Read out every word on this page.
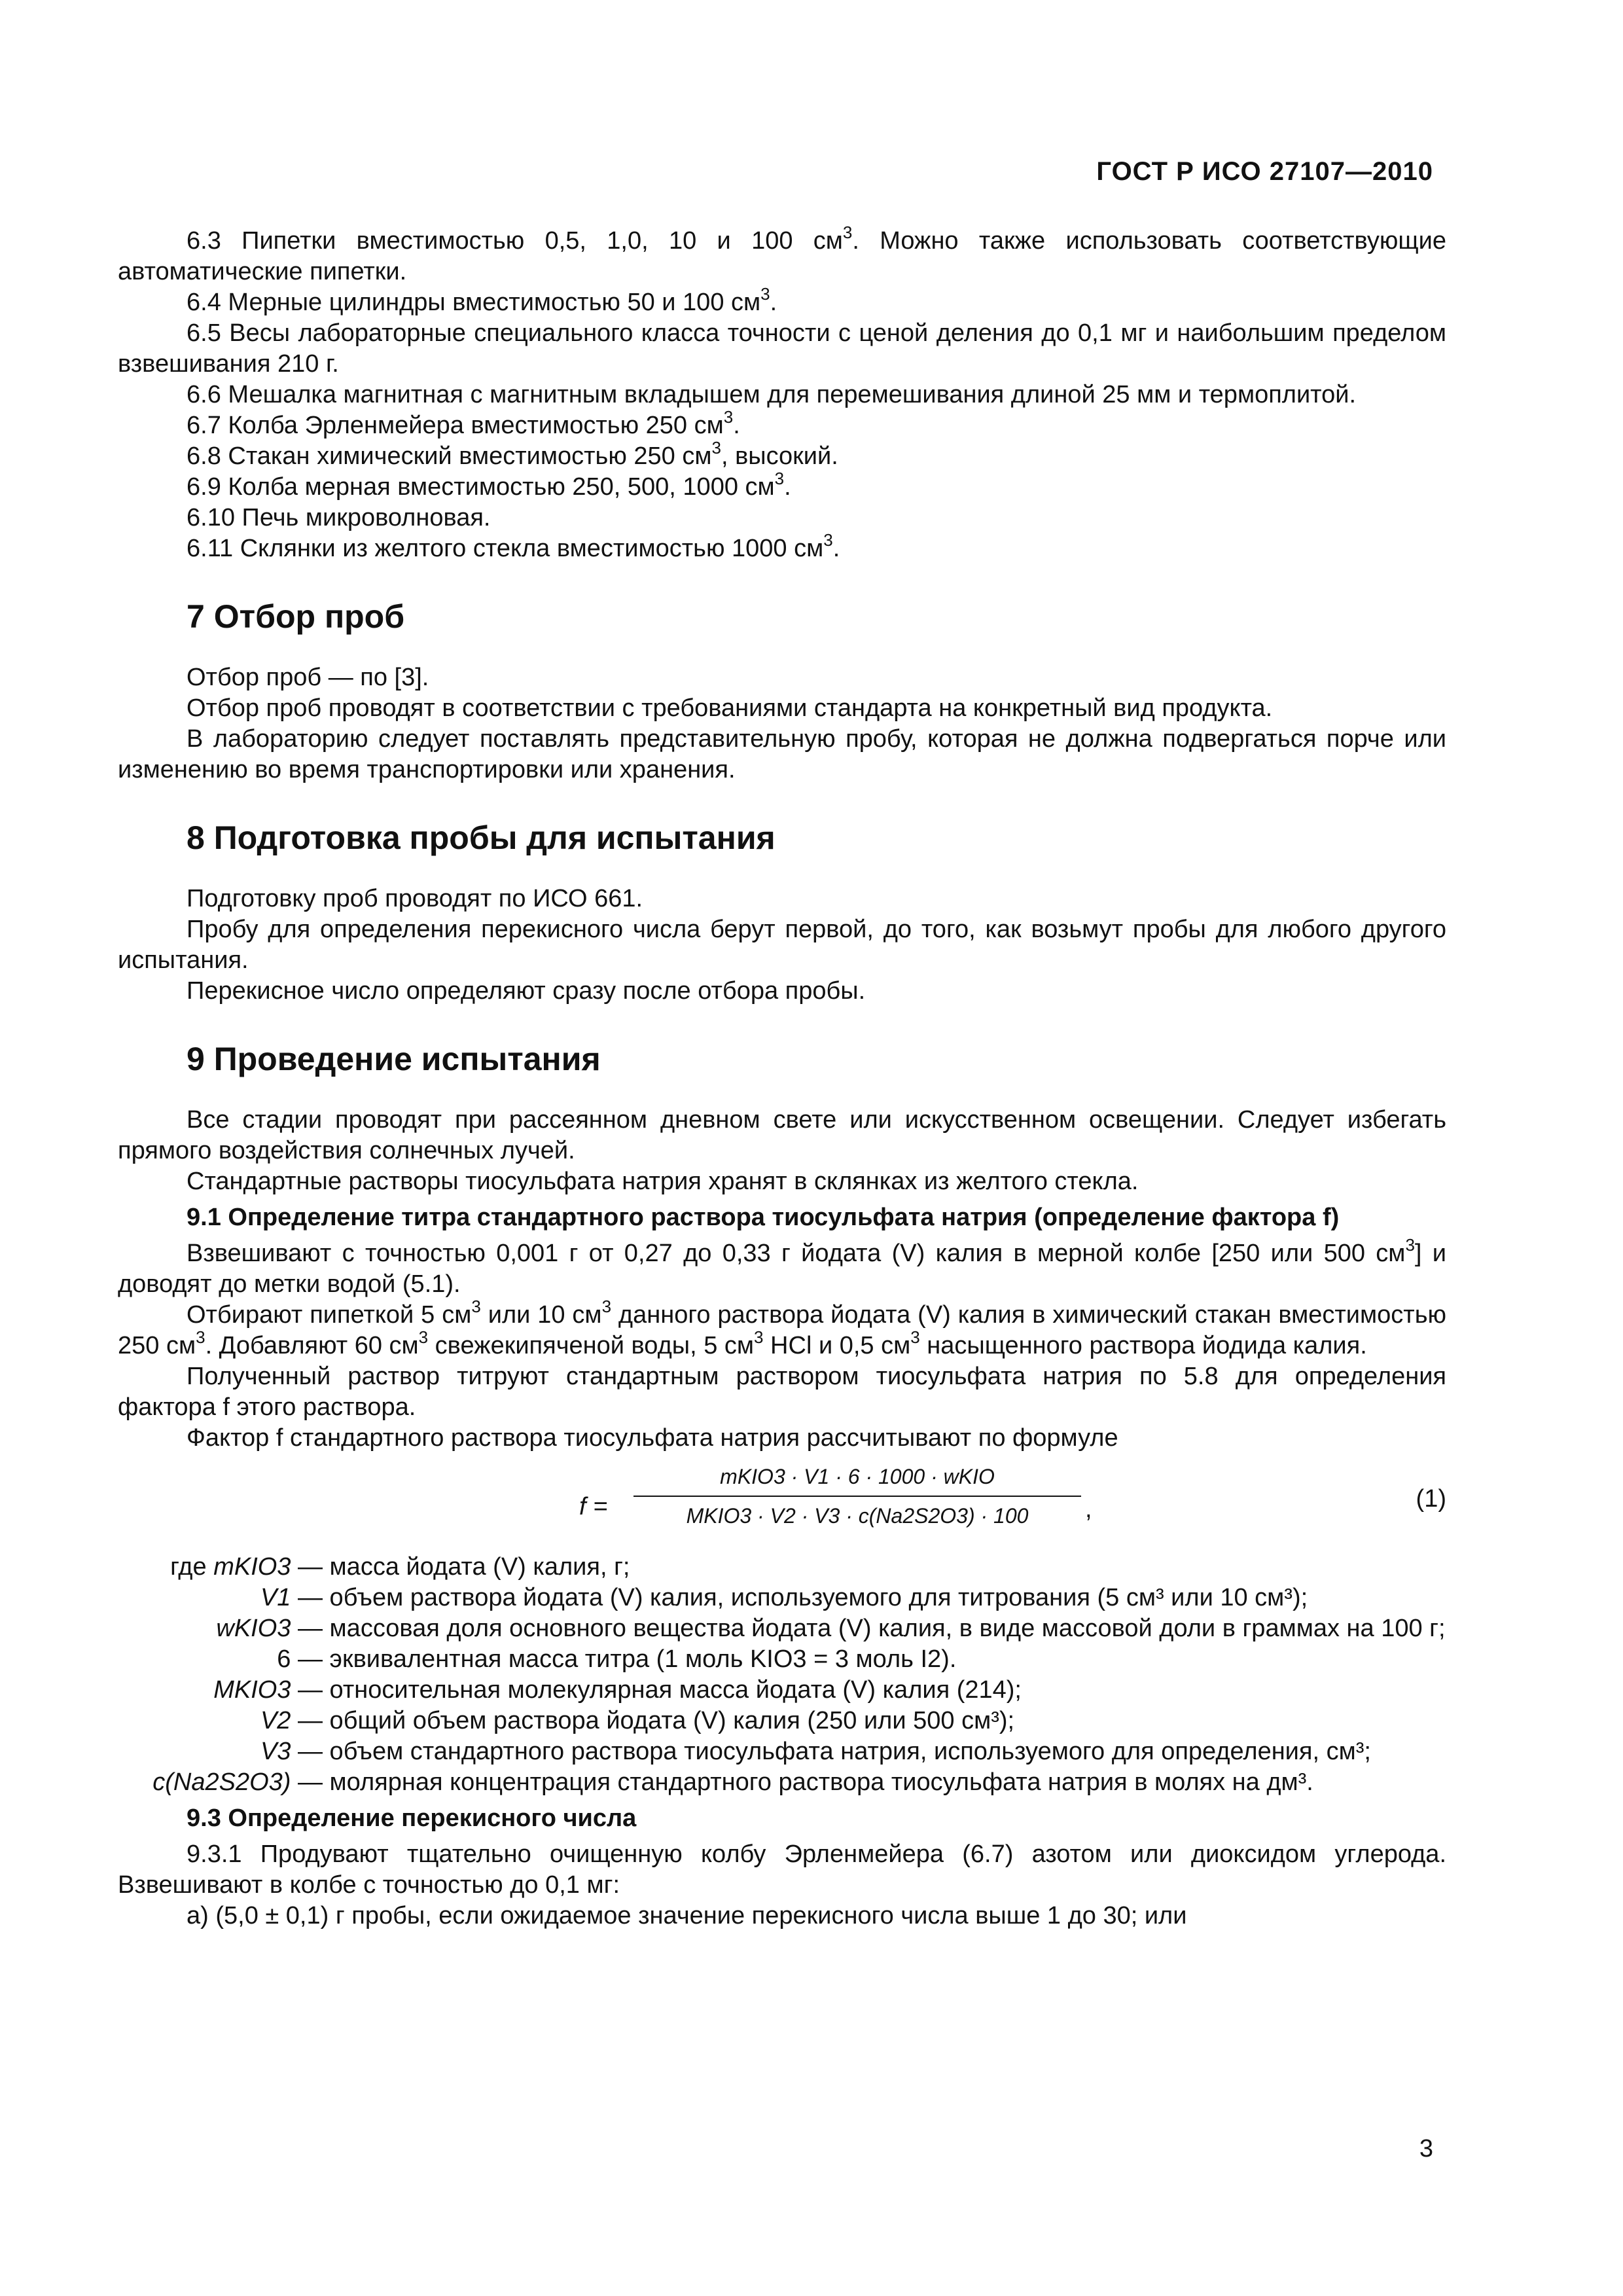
ГОСТ Р ИСО 27107—2010

6.3 Пипетки вместимостью 0,5, 1,0, 10 и 100 $см^3$. Можно также использовать соответствующие автоматические пипетки.

6.4 Мерные цилиндры вместимостью 50 и 100 $см^3$.

6.5 Весы лабораторные специального класса точности с ценой деления до 0,1 мг и наибольшим пределом взвешивания 210 г.

6.6 Мешалка магнитная с магнитным вкладышем для перемешивания длиной 25 мм и термоплитой.

6.7 Колба Эрленмейера вместимостью 250 $см^3$.

6.8 Стакан химический вместимостью 250 $см^3$, высокий.

6.9 Колба мерная вместимостью 250, 500, 1000 $см^3$.

6.10 Печь микроволновая.

6.11 Склянки из желтого стекла вместимостью 1000 $см^3$.

7 Отбор проб

Отбор проб — по [3].

Отбор проб проводят в соответствии с требованиями стандарта на конкретный вид продукта.

В лабораторию следует поставлять представительную пробу, которая не должна подвергаться порче или изменению во время транспортировки или хранения.

8 Подготовка пробы для испытания

Подготовку проб проводят по ИСО 661.

Пробу для определения перекисного числа берут первой, до того, как возьмут пробы для любого другого испытания.

Перекисное число определяют сразу после отбора пробы.

9 Проведение испытания

Все стадии проводят при рассеянном дневном свете или искусственном освещении. Следует избегать прямого воздействия солнечных лучей.

Стандартные растворы тиосульфата натрия хранят в склянках из желтого стекла.

9.1 Определение титра стандартного раствора тиосульфата натрия (определение фактора f)

Взвешивают с точностью 0,001 г от 0,27 до 0,33 г йодата (V) калия в мерной колбе [250 или 500 $см^3$] и доводят до метки водой (5.1).

Отбирают пипеткой 5 $см^3$ или 10 $см^3$ данного раствора йодата (V) калия в химический стакан вместимостью 250 $см^3$. Добавляют 60 $см^3$ свежекипяченой воды, 5 $см^3$ HCl и 0,5 $см^3$ насыщенного раствора йодида калия.

Полученный раствор титруют стандартным раствором тиосульфата натрия по 5.8 для определения фактора f этого раствора.

Фактор f стандартного раствора тиосульфата натрия рассчитывают по формуле

f =
mKIO3 · V1 · 6 · 1000 · wKIO
MKIO3 · V2 · V3 · c(Na2S2O3) · 100	,	(1)
где mKIO3 — масса йодата (V) калия, г;
V1 — объем раствора йодата (V) калия, используемого для титрования (5 см³ или 10 см³);
wKIO3 — массовая доля основного вещества йодата (V) калия, в виде массовой доли в граммах на 100 г;
6 — эквивалентная масса титра (1 моль KIO3 = 3 моль I2).
MKIO3 — относительная молекулярная масса йодата (V) калия (214);
V2 — общий объем раствора йодата (V) калия (250 или 500 см³);
V3 — объем стандартного раствора тиосульфата натрия, используемого для определения, см³;
c(Na2S2O3) — молярная концентрация стандартного раствора тиосульфата натрия в молях на дм³.
9.3 Определение перекисного числа

9.3.1 Продувают тщательно очищенную колбу Эрленмейера (6.7) азотом или диоксидом углерода. Взвешивают в колбе с точностью до 0,1 мг:

а) (5,0 ± 0,1) г пробы, если ожидаемое значение перекисного числа выше 1 до 30; или

3
